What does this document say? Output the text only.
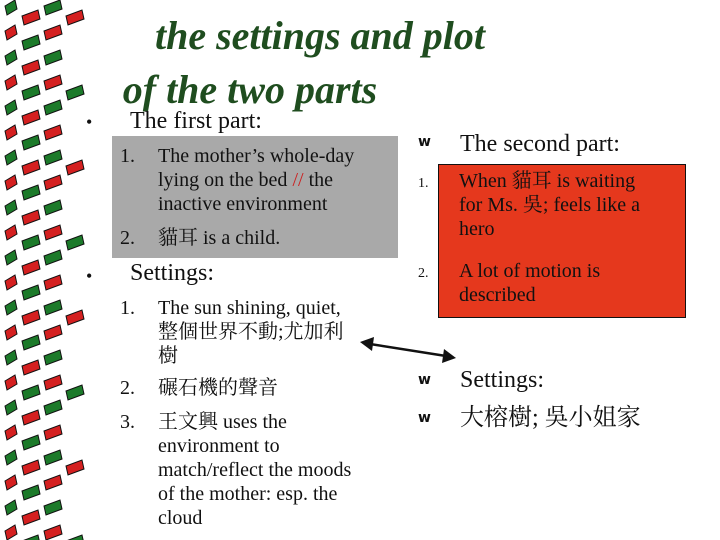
the settings and plot
of the two parts
• The first part:
1. The mother’s whole-day
lying on the bed // the
inactive environment
2.	貓耳 is a child.
• Settings:
1. The sun shining, quiet,
整個世界不動;尤加利
樹
2.	碾石機的聲音
3. 王文興 uses the
environment to
match/reflect the moods
of the mother: esp. the
cloud
w The second part:
1.
2.
When 貓耳 is waiting
for Ms. 吳; feels like a
hero
A lot of motion is
described
w Settings:
w 大榕樹; 吳小姐家
